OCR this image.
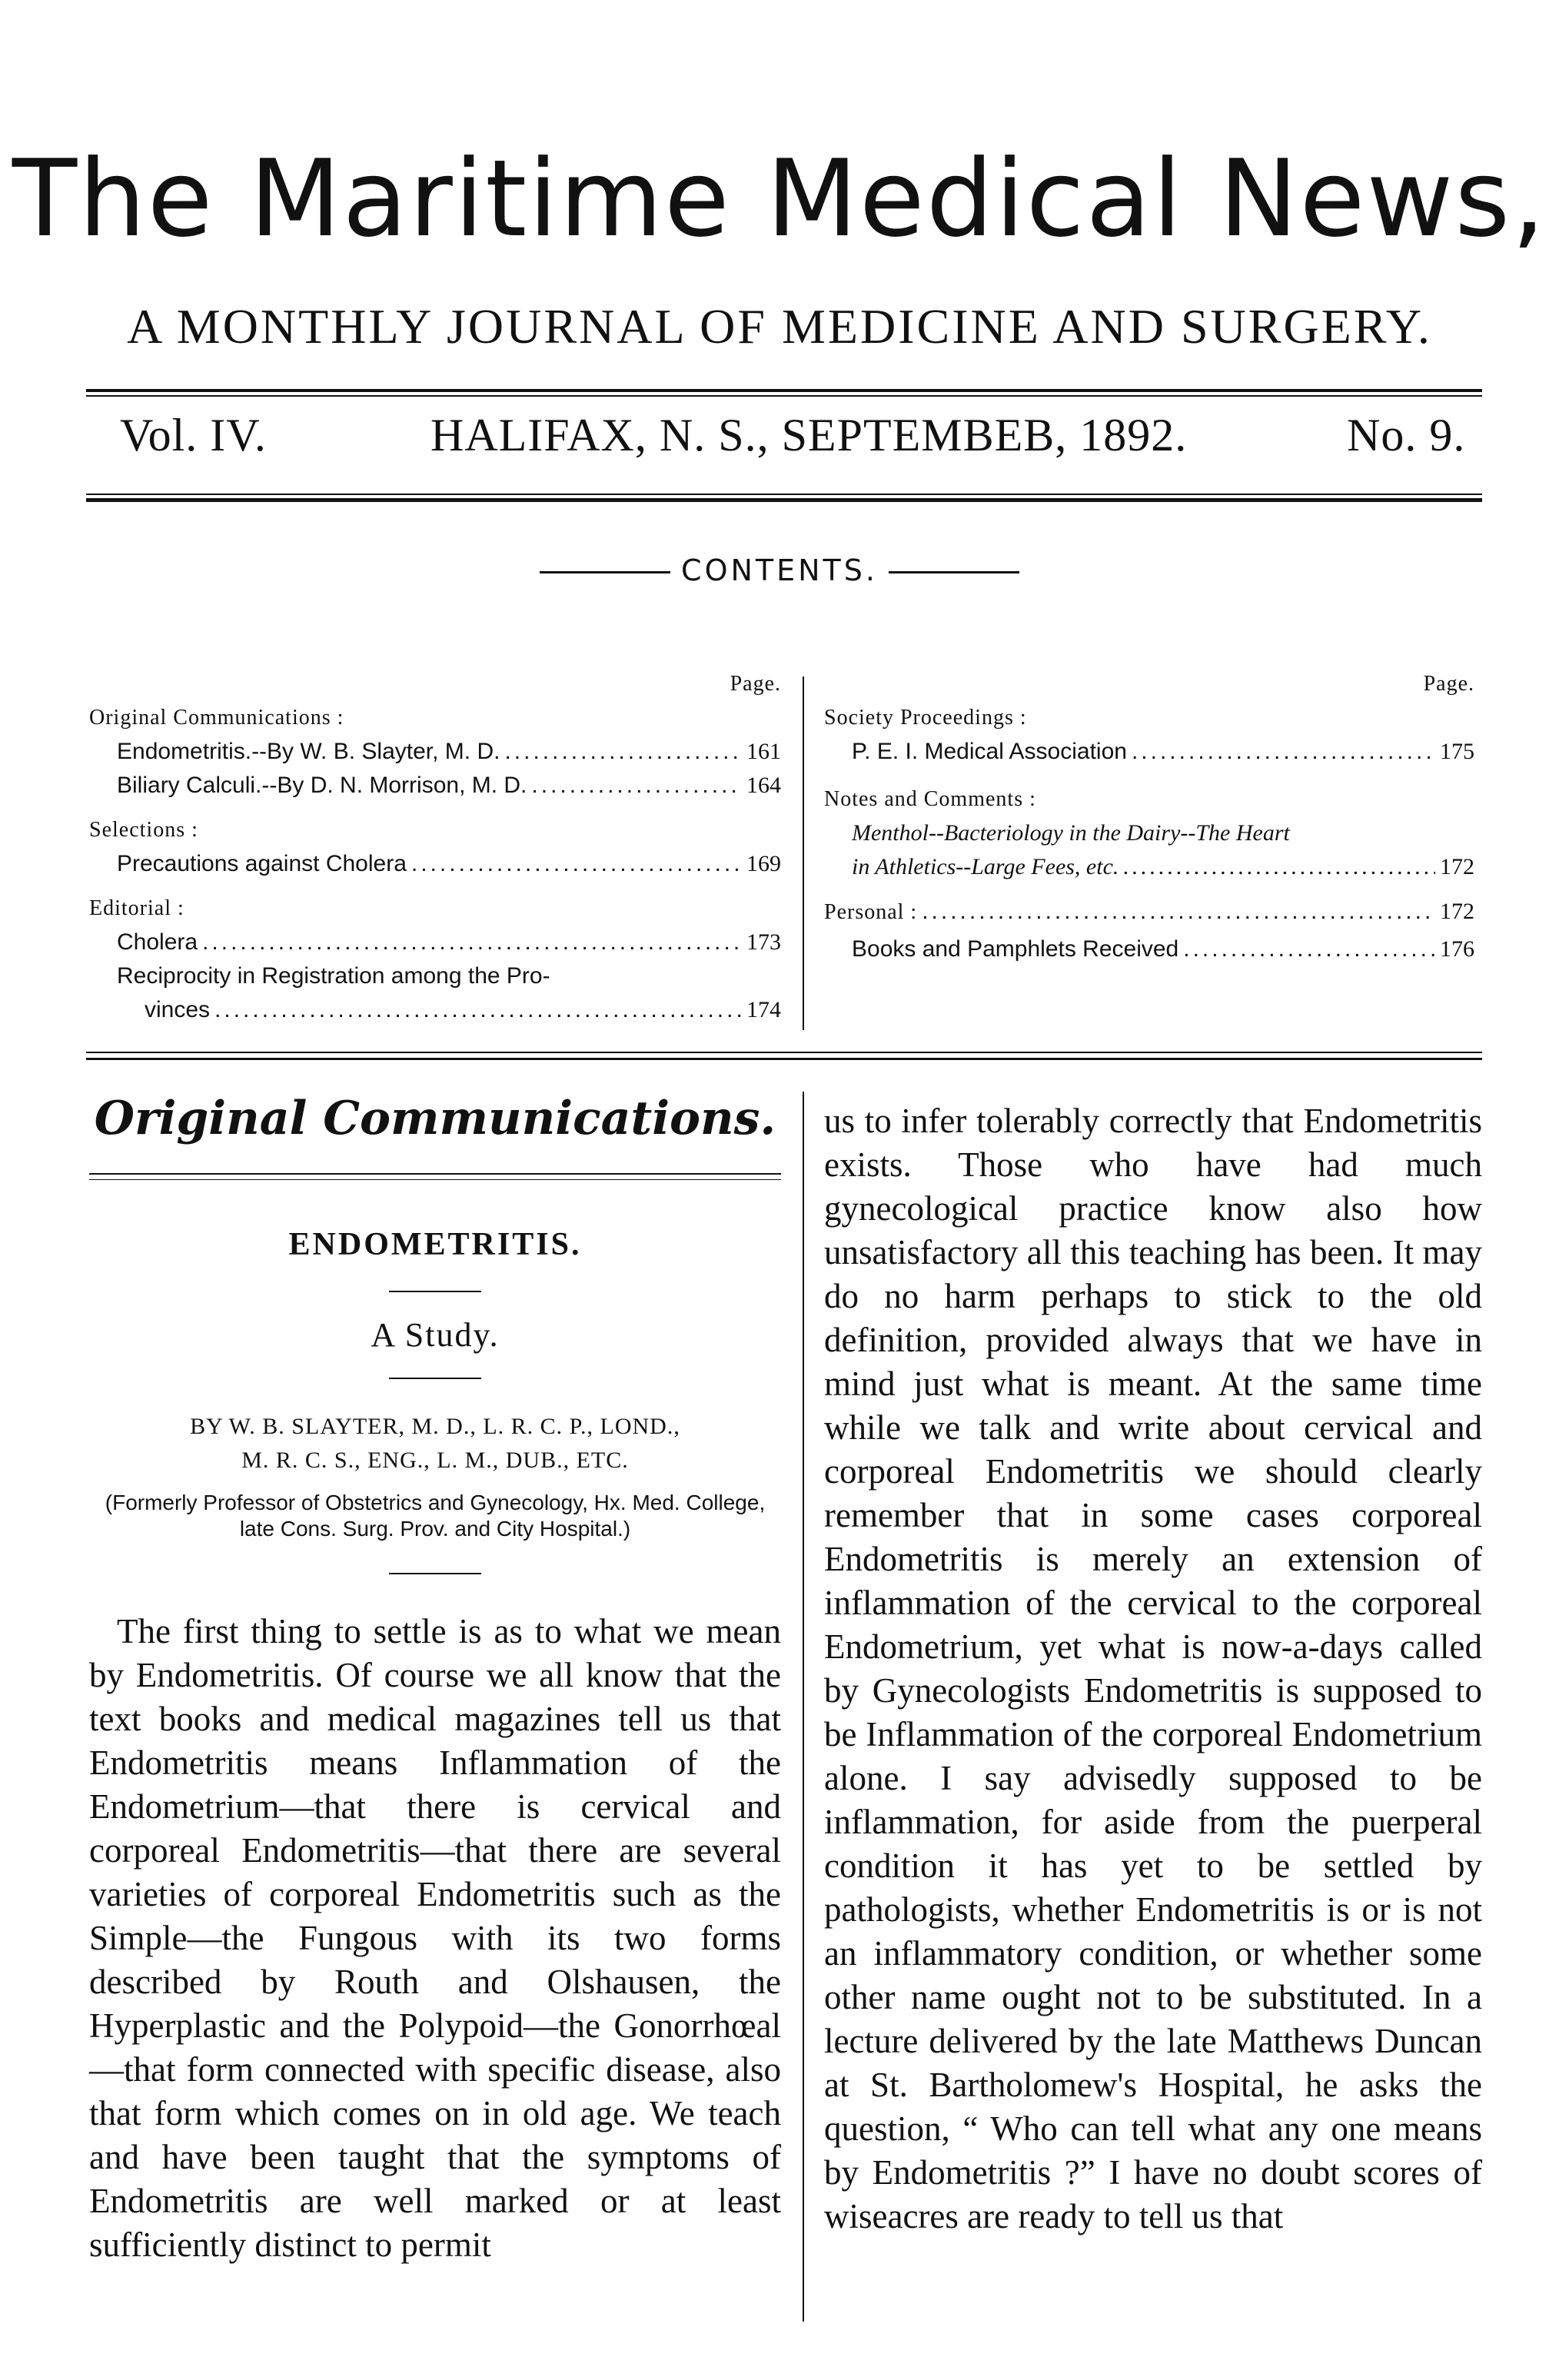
The Maritime Medical News,
A MONTHLY JOURNAL OF MEDICINE AND SURGERY.
Vol. IV.	HALIFAX, N. S., SEPTEMBEB, 1892.	No. 9.
CONTENTS.
Page.
Original Communications :
Endometritis.--By W. B. Slayter, M. D. .....	161
Biliary Calculi.--By D. N. Morrison, M. D. .....	164
Selections :
Precautions against Cholera .....	169
Editorial :
Cholera .....	173
Reciprocity in Registration among the Pro-
vinces .....	174
Page.
Society Proceedings :
P. E. I. Medical Association .....	175
Notes and Comments :
Menthol--Bacteriology in the Dairy--The Heart
in Athletics--Large Fees, etc. .....	172
Personal : .....	172
Books and Pamphlets Received .....	176
Original Communications.
ENDOMETRITIS.
A Study.
BY W. B. SLAYTER, M. D., L. R. C. P., LOND.,
M. R. C. S., ENG., L. M., DUB., ETC.
(Formerly Professor of Obstetrics and Gynecology, Hx. Med. College, late Cons. Surg. Prov. and City Hospital.)
The first thing to settle is as to what we mean by Endometritis. Of course we all know that the text books and medical magazines tell us that Endometritis means Inflammation of the Endometrium—that there is cervical and corporeal Endometritis—that there are several varieties of corporeal Endometritis such as the Simple—the Fungous with its two forms described by Routh and Olshausen, the Hyperplastic and the Polypoid—the Gonorrhœal—that form connected with specific disease, also that form which comes on in old age. We teach and have been taught that the symptoms of Endometritis are well marked or at least sufficiently distinct to permit
us to infer tolerably correctly that Endometritis exists. Those who have had much gynecological practice know also how unsatisfactory all this teaching has been. It may do no harm perhaps to stick to the old definition, provided always that we have in mind just what is meant. At the same time while we talk and write about cervical and corporeal Endometritis we should clearly remember that in some cases corporeal Endometritis is merely an extension of inflammation of the cervical to the corporeal Endometrium, yet what is now-a-days called by Gynecologists Endometritis is supposed to be Inflammation of the corporeal Endometrium alone. I say advisedly supposed to be inflammation, for aside from the puerperal condition it has yet to be settled by pathologists, whether Endometritis is or is not an inflammatory condition, or whether some other name ought not to be substituted. In a lecture delivered by the late Matthews Duncan at St. Bartholomew's Hospital, he asks the question, “ Who can tell what any one means by Endometritis ?” I have no doubt scores of wiseacres are ready to tell us that
